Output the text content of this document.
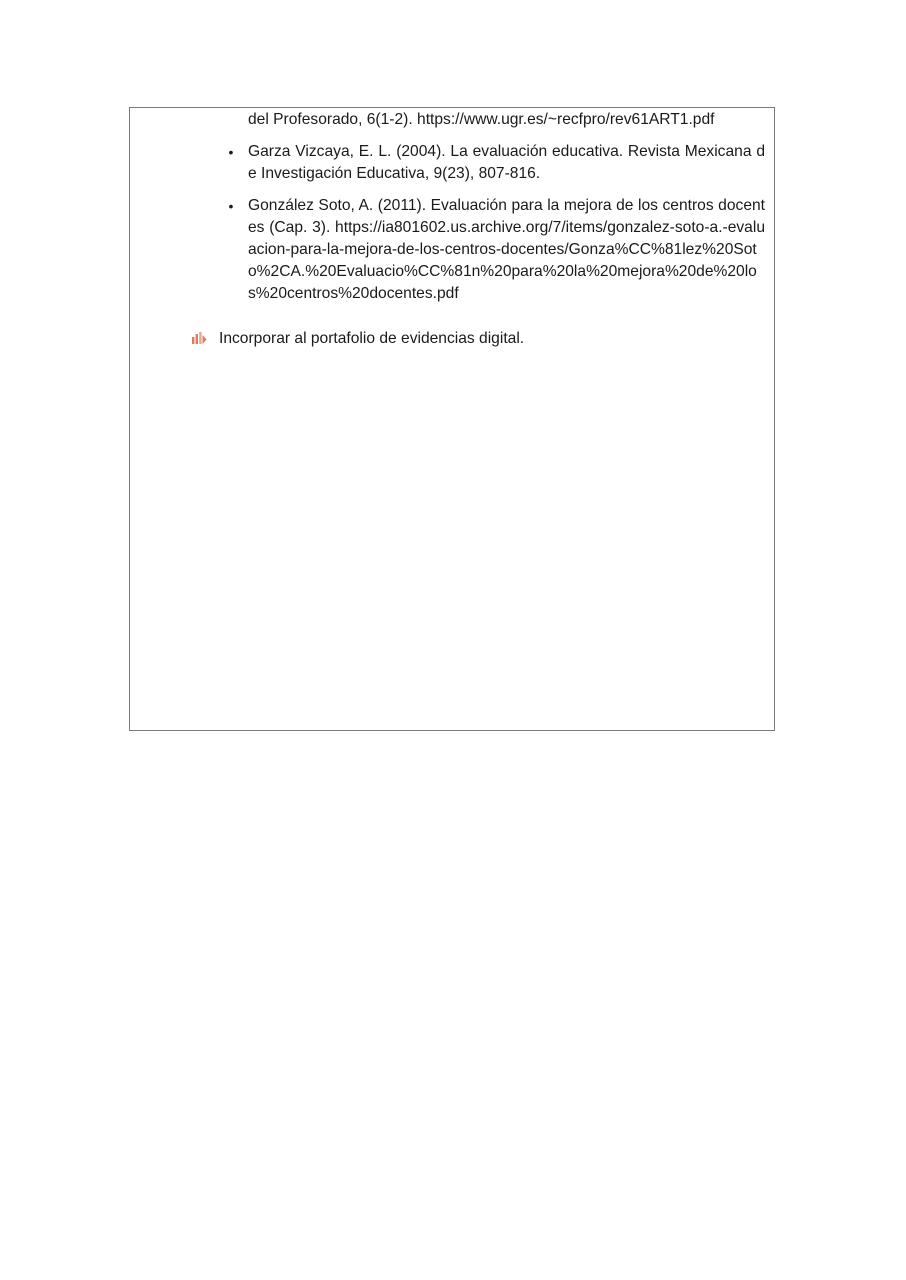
del Profesorado, 6(1-2). https://www.ugr.es/~recfpro/rev61ART1.pdf
• Garza Vizcaya, E. L. (2004). La evaluación educativa. Revista Mexicana de Investigación Educativa, 9(23), 807-816.
• González Soto, A. (2011). Evaluación para la mejora de los centros docentes (Cap. 3). https://ia801602.us.archive.org/7/items/gonzalez-soto-a.-evaluacion-para-la-mejora-de-los-centros-docentes/Gonza%CC%81lez%20Soto%2CA.%20Evaluacio%CC%81n%20para%20la%20mejora%20de%20los%20centros%20docentes.pdf
Incorporar al portafolio de evidencias digital.
